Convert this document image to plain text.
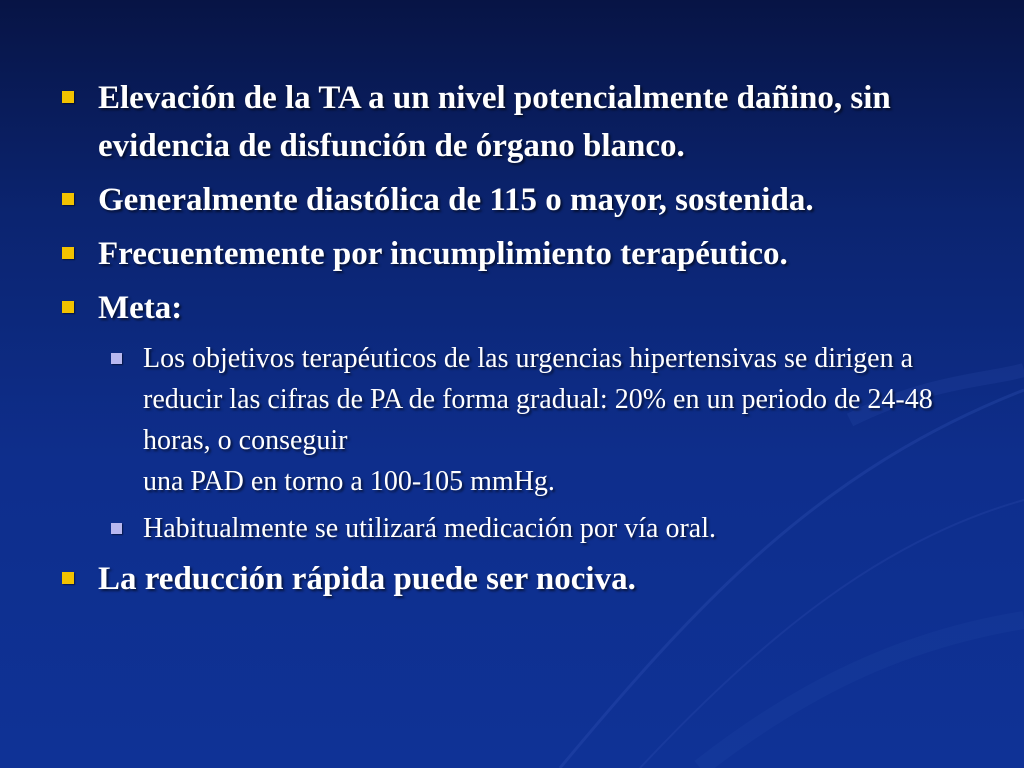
Elevación de la TA a un nivel potencialmente dañino, sin evidencia de disfunción de órgano blanco.
Generalmente diastólica de 115 o mayor, sostenida.
Frecuentemente por incumplimiento terapéutico.
Meta:
Los objetivos terapéuticos de las urgencias hipertensivas se dirigen a reducir las cifras de PA de forma gradual: 20% en un periodo de 24-48 horas, o conseguir
una PAD en torno a 100-105 mmHg.
Habitualmente se utilizará medicación por vía oral.
La reducción rápida puede ser nociva.
